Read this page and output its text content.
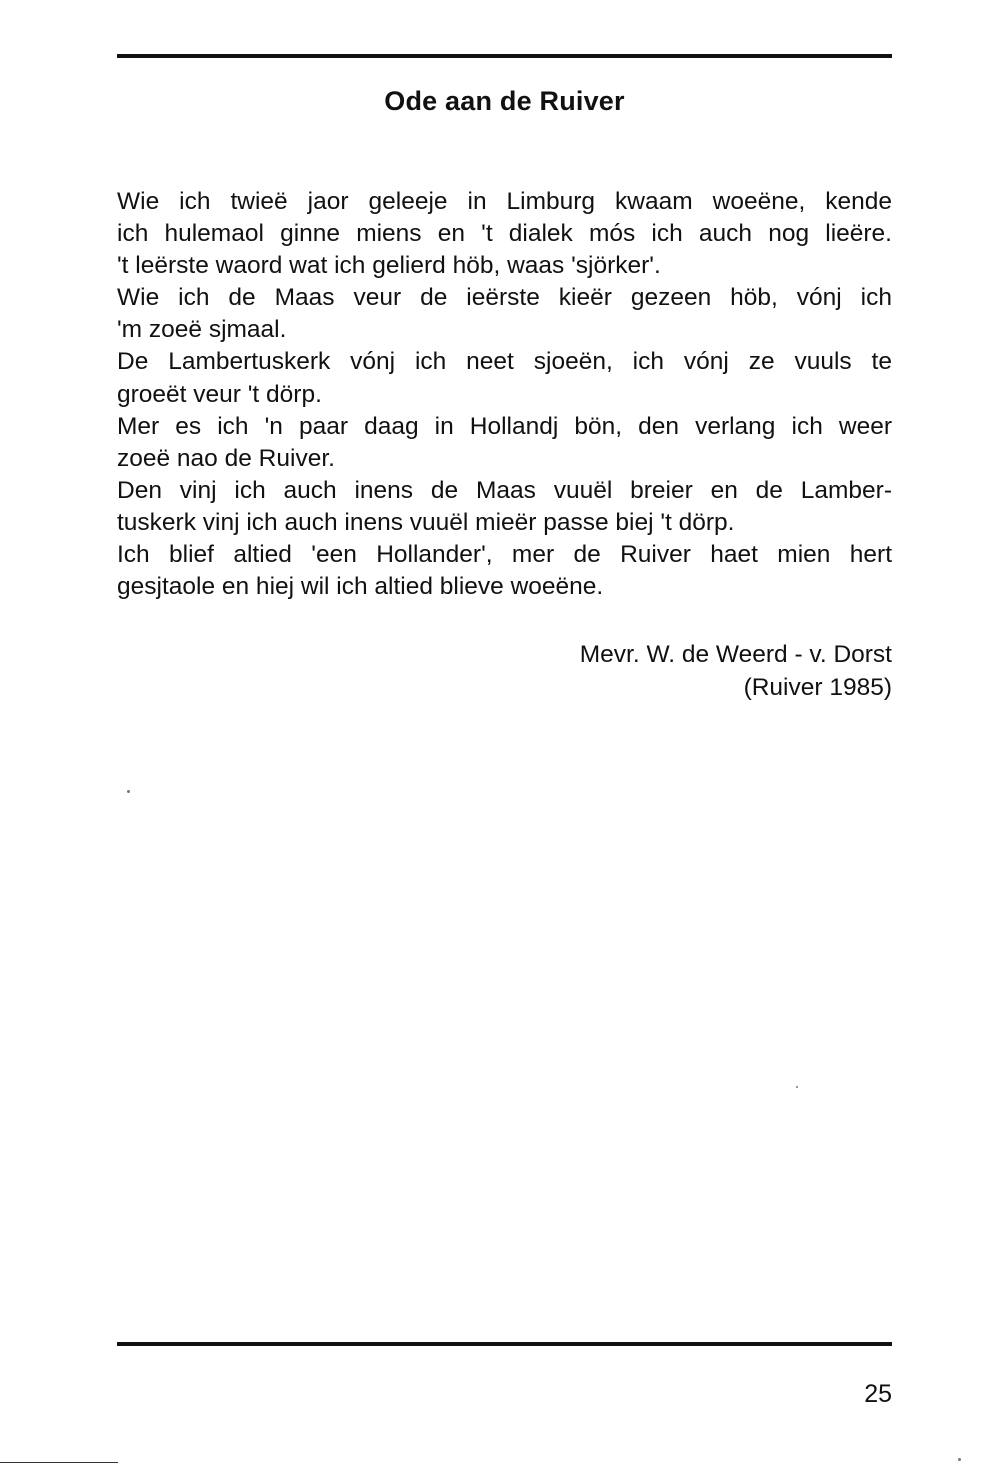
Ode aan de Ruiver
Wie ich twieë jaor geleeje in Limburg kwaam woeëne, kende
ich hulemaol ginne miens en 't dialek mós ich auch nog lieëre.
't leërste waord wat ich gelierd höb, waas 'sjörker'.
Wie ich de Maas veur de ieërste kieër gezeen höb, vónj ich
'm zoeë sjmaal.
De Lambertuskerk vónj ich neet sjoeën, ich vónj ze vuuls te
groeët veur 't dörp.
Mer es ich 'n paar daag in Hollandj bön, den verlang ich weer
zoeë nao de Ruiver.
Den vinj ich auch inens de Maas vuuël breier en de Lamber-
tuskerk vinj ich auch inens vuuël mieër passe biej 't dörp.
Ich blief altied 'een Hollander', mer de Ruiver haet mien hert
gesjtaole en hiej wil ich altied blieve woeëne.
Mevr. W. de Weerd - v. Dorst
(Ruiver 1985)
25
